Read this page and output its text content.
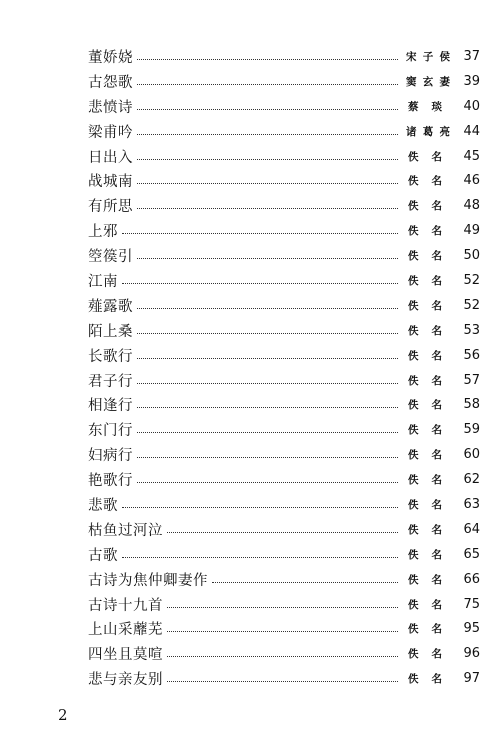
董娇娆	宋子侯	37
古怨歌	窦玄妻	39
悲愤诗	蔡 琰	40
梁甫吟	诸葛亮	44
日出入	佚 名	45
战城南	佚 名	46
有所思	佚 名	48
上邪	佚 名	49
箜篌引	佚 名	50
江南	佚 名	52
薤露歌	佚 名	52
陌上桑	佚 名	53
长歌行	佚 名	56
君子行	佚 名	57
相逢行	佚 名	58
东门行	佚 名	59
妇病行	佚 名	60
艳歌行	佚 名	62
悲歌	佚 名	63
枯鱼过河泣	佚 名	64
古歌	佚 名	65
古诗为焦仲卿妻作	佚 名	66
古诗十九首	佚 名	75
上山采蘼芜	佚 名	95
四坐且莫喧	佚 名	96
悲与亲友别	佚 名	97
2
